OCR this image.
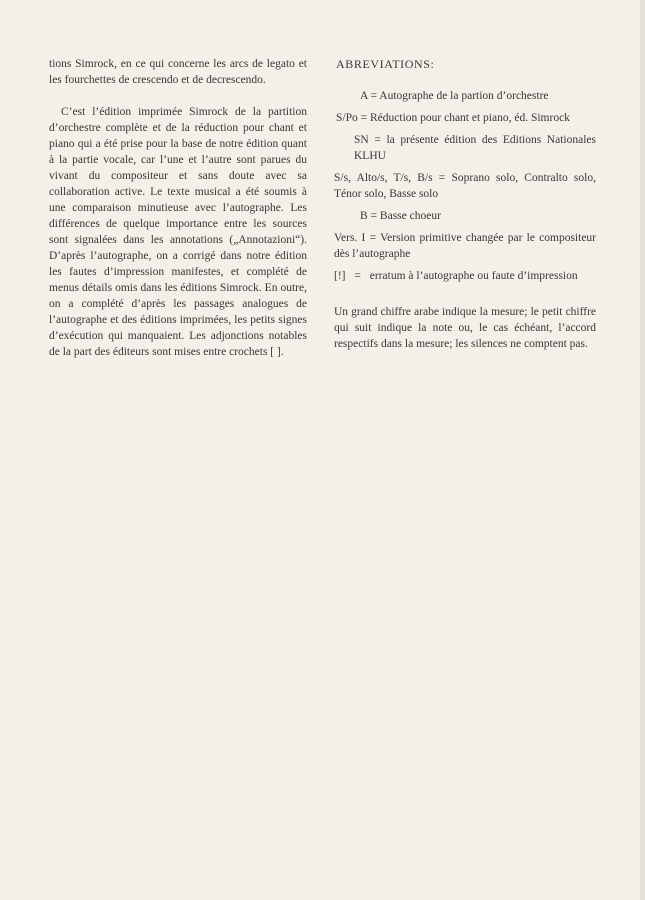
tions Simrock, en ce qui concerne les arcs de legato et les fourchettes de crescendo et de decrescendo.

C’est l’édition imprimée Simrock de la partition d’orchestre complète et de la réduction pour chant et piano qui a été prise pour la base de notre édition quant à la partie vocale, car l’une et l’autre sont parues du vivant du compositeur et sans doute avec sa collaboration active. Le texte musical a été soumis à une comparaison minutieuse avec l’autographe. Les différences de quelque importance entre les sources sont signalées dans les annotations („Annotazioni“). D’après l’autographe, on a corrigé dans notre édition les fautes d’impression manifestes, et complété de menus détails omis dans les éditions Simrock. En outre, on a complété d’après les passages analogues de l’autographe et des éditions imprimées, les petits signes d’exécution qui manquaient. Les adjonctions notables de la part des éditeurs sont mises entre crochets [ ].

ABREVIATIONS:

A = Autographe de la partion d’orchestre

S/Po = Réduction pour chant et piano, éd. Simrock

SN = la présente édition des Editions Nationales KLHU

S/s, Alto/s, T/s, B/s = Soprano solo, Contralto solo, Ténor solo, Basse solo

B = Basse choeur

Vers. I = Version primitive changée par le compositeur dès l’autographe

[!] = erratum à l’autographe ou faute d’impression

Un grand chiffre arabe indique la mesure; le petit chiffre qui suit indique la note ou, le cas échéant, l’accord respectifs dans la mesure; les silences ne comptent pas.
